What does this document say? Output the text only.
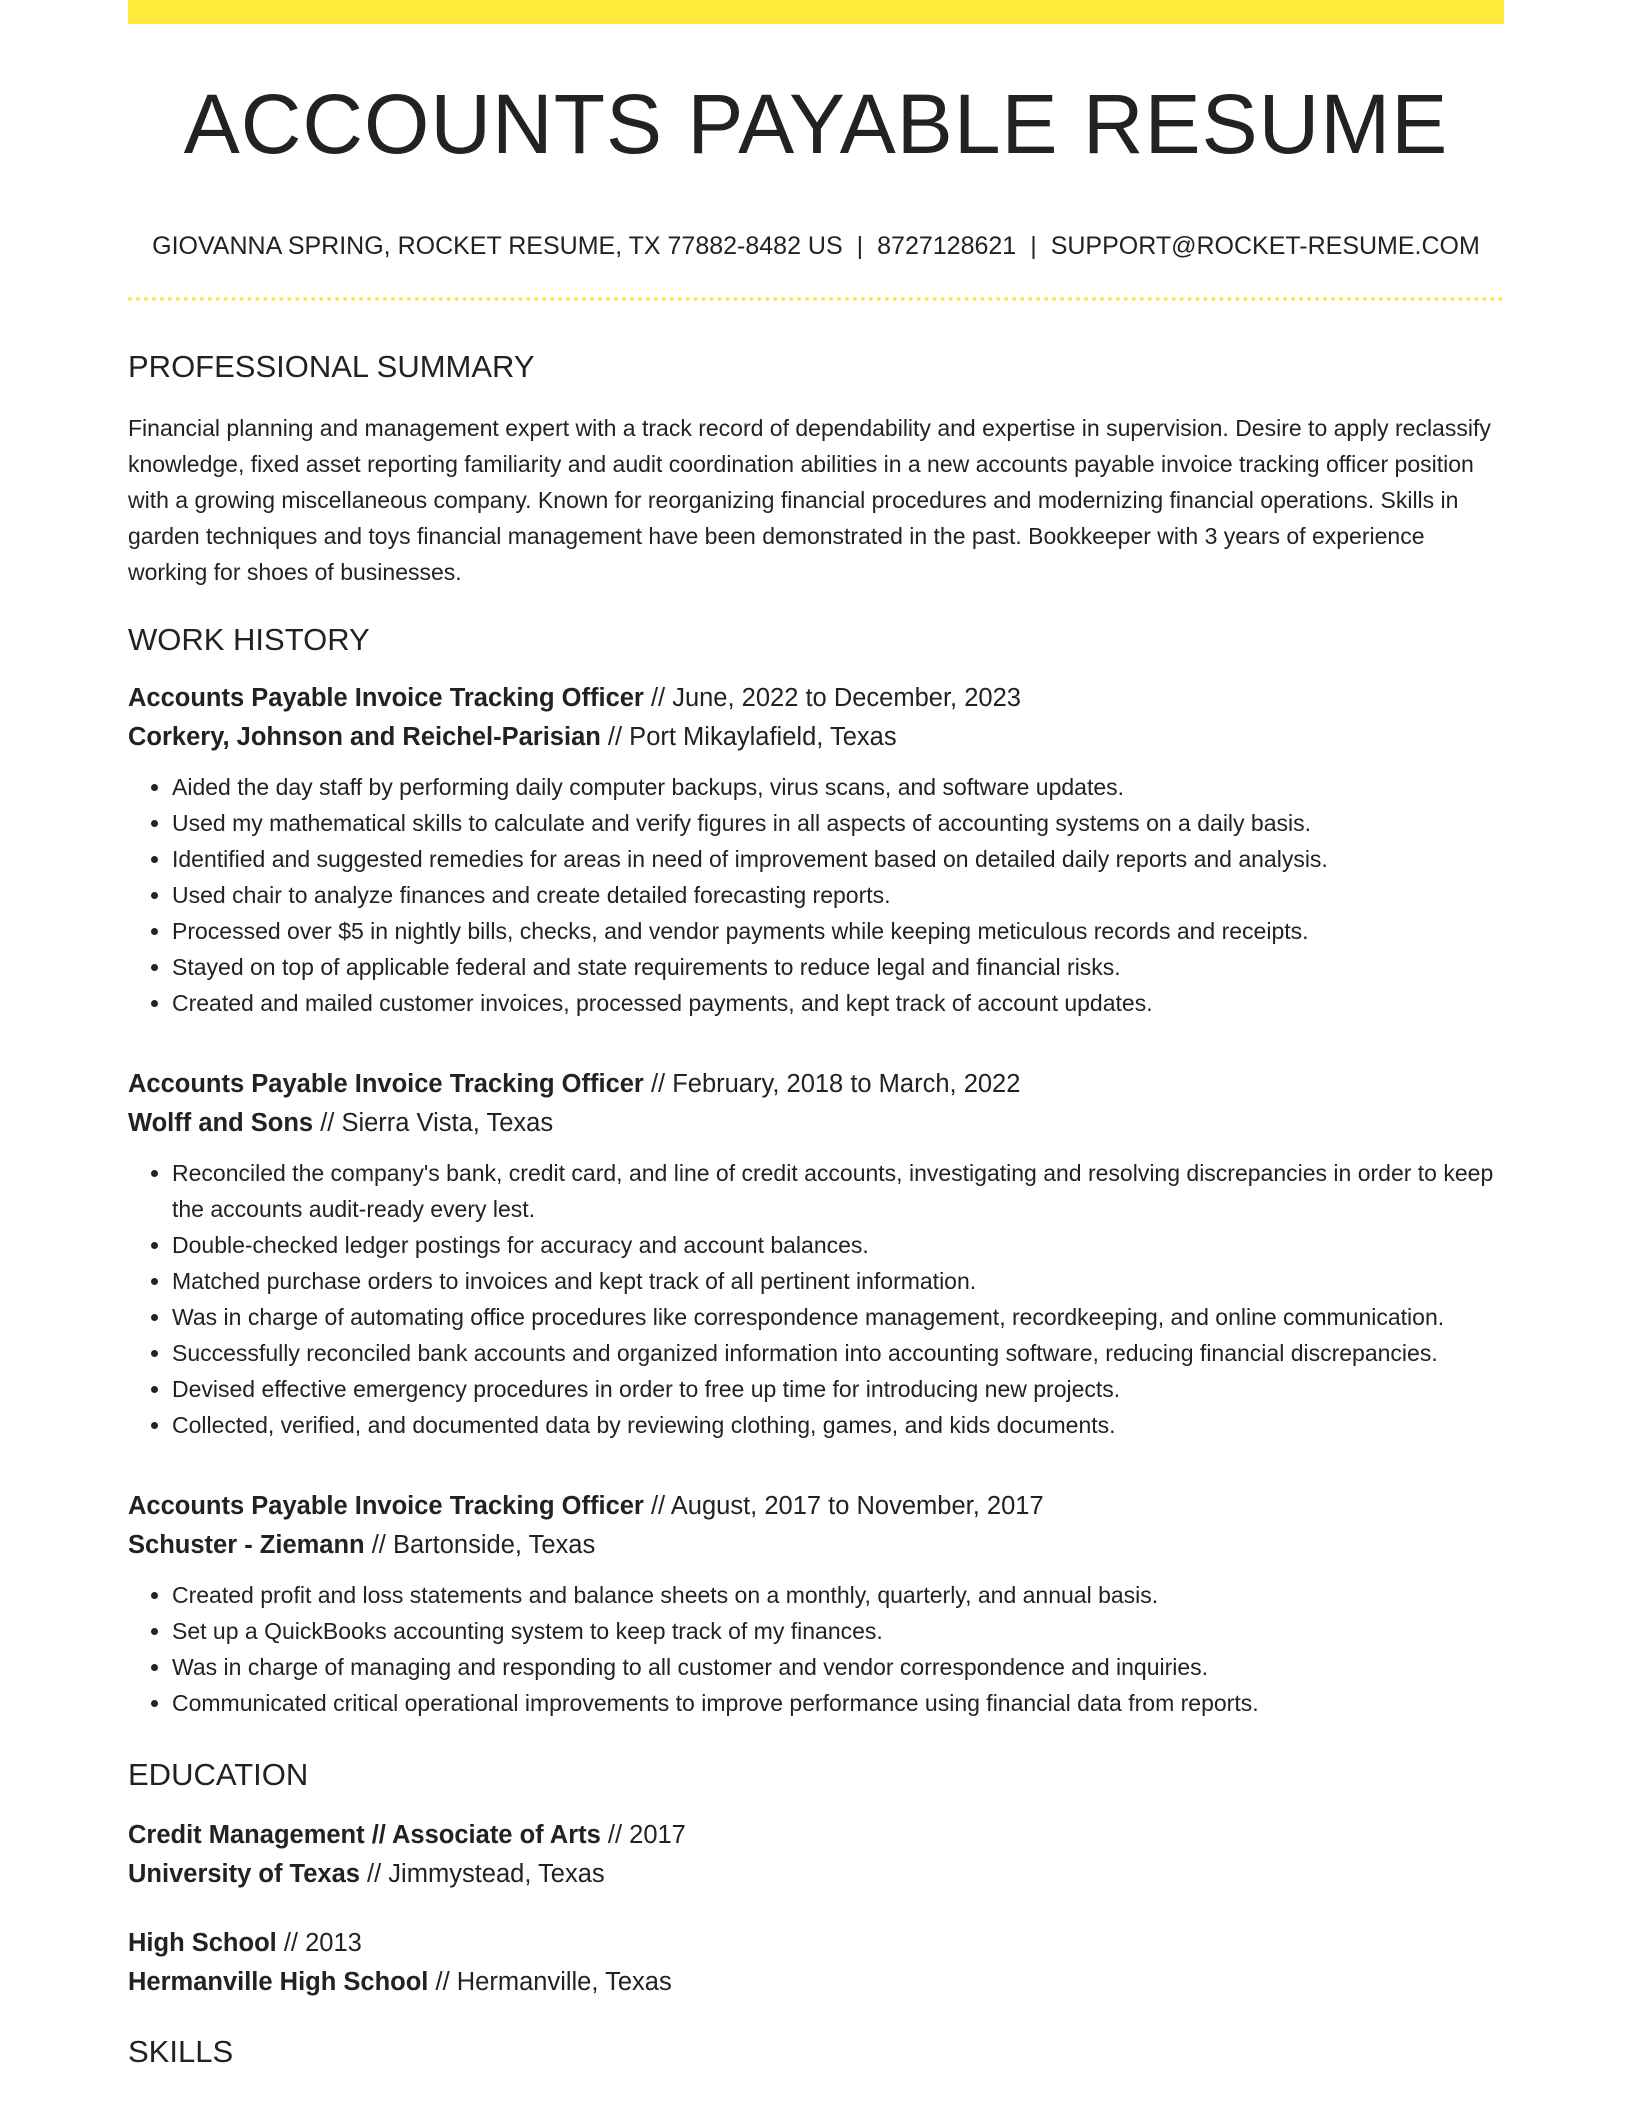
ACCOUNTS PAYABLE RESUME
GIOVANNA SPRING, ROCKET RESUME, TX 77882-8482 US | 8727128621 | SUPPORT@ROCKET-RESUME.COM
PROFESSIONAL SUMMARY

Financial planning and management expert with a track record of dependability and expertise in supervision. Desire to apply reclassify knowledge, fixed asset reporting familiarity and audit coordination abilities in a new accounts payable invoice tracking officer position with a growing miscellaneous company. Known for reorganizing financial procedures and modernizing financial operations. Skills in garden techniques and toys financial management have been demonstrated in the past. Bookkeeper with 3 years of experience working for shoes of businesses.

WORK HISTORY
Accounts Payable Invoice Tracking Officer // June, 2022 to December, 2023
Corkery, Johnson and Reichel-Parisian // Port Mikaylafield, Texas
• Aided the day staff by performing daily computer backups, virus scans, and software updates.
• Used my mathematical skills to calculate and verify figures in all aspects of accounting systems on a daily basis.
• Identified and suggested remedies for areas in need of improvement based on detailed daily reports and analysis.
• Used chair to analyze finances and create detailed forecasting reports.
• Processed over $5 in nightly bills, checks, and vendor payments while keeping meticulous records and receipts.
• Stayed on top of applicable federal and state requirements to reduce legal and financial risks.
• Created and mailed customer invoices, processed payments, and kept track of account updates.
Accounts Payable Invoice Tracking Officer // February, 2018 to March, 2022
Wolff and Sons // Sierra Vista, Texas
• Reconciled the company's bank, credit card, and line of credit accounts, investigating and resolving discrepancies in order to keep the accounts audit-ready every lest.
• Double-checked ledger postings for accuracy and account balances.
• Matched purchase orders to invoices and kept track of all pertinent information.
• Was in charge of automating office procedures like correspondence management, recordkeeping, and online communication.
• Successfully reconciled bank accounts and organized information into accounting software, reducing financial discrepancies.
• Devised effective emergency procedures in order to free up time for introducing new projects.
• Collected, verified, and documented data by reviewing clothing, games, and kids documents.
Accounts Payable Invoice Tracking Officer // August, 2017 to November, 2017
Schuster - Ziemann // Bartonside, Texas
• Created profit and loss statements and balance sheets on a monthly, quarterly, and annual basis.
• Set up a QuickBooks accounting system to keep track of my finances.
• Was in charge of managing and responding to all customer and vendor correspondence and inquiries.
• Communicated critical operational improvements to improve performance using financial data from reports.
EDUCATION
Credit Management // Associate of Arts // 2017
University of Texas // Jimmystead, Texas
High School // 2013
Hermanville High School // Hermanville, Texas
SKILLS
